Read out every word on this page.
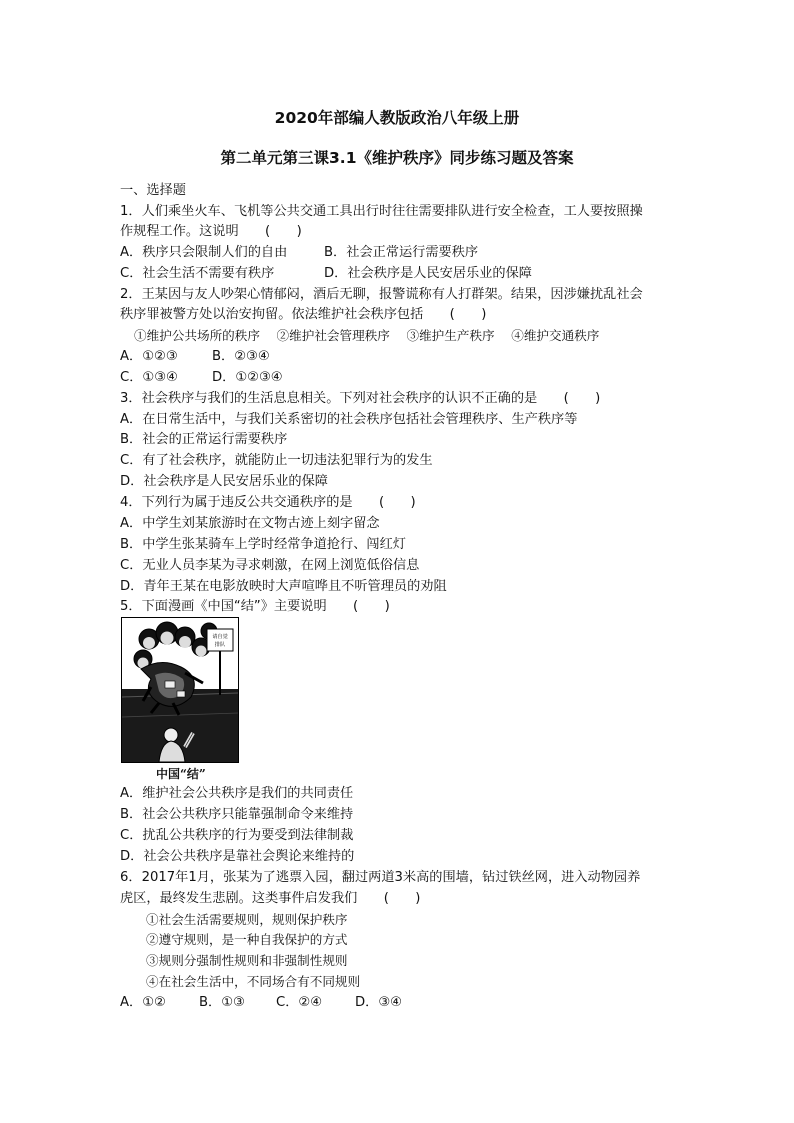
2020年部编人教版政治八年级上册
第二单元第三课3.1《维护秩序》同步练习题及答案
一、选择题
1．人们乘坐火车、飞机等公共交通工具出行时往往需要排队进行安全检查，工人要按照操
作规程工作。这说明　　(　　)
A．秩序只会限制人们的自由	B．社会正常运行需要秩序
C．社会生活不需要有秩序	D．社会秩序是人民安居乐业的保障
2．王某因与友人吵架心情郁闷，酒后无聊，报警谎称有人打群架。结果，因涉嫌扰乱社会
秩序罪被警方处以治安拘留。依法维护社会秩序包括　　(　　)
①维护公共场所的秩序　 ②维护社会管理秩序　 ③维护生产秩序　 ④维护交通秩序
A．①②③	B．②③④
C．①③④	D．①②③④
3．社会秩序与我们的生活息息相关。下列对社会秩序的认识不正确的是　　(　　)
A．在日常生活中，与我们关系密切的社会秩序包括社会管理秩序、生产秩序等
B．社会的正常运行需要秩序
C．有了社会秩序，就能防止一切违法犯罪行为的发生
D．社会秩序是人民安居乐业的保障
4．下列行为属于违反公共交通秩序的是　　(　　)
A．中学生刘某旅游时在文物古迹上刻字留念
B．中学生张某骑车上学时经常争道抢行、闯红灯
C．无业人员李某为寻求刺激，在网上浏览低俗信息
D．青年王某在电影放映时大声喧哗且不听管理员的劝阻
5．下面漫画《中国“结”》主要说明　　(　　)
请自觉
排队
中国“结”
A．维护社会公共秩序是我们的共同责任
B．社会公共秩序只能靠强制命令来维持
C．扰乱公共秩序的行为要受到法律制裁
D．社会公共秩序是靠社会舆论来维持的
6．2017年1月，张某为了逃票入园，翻过两道3米高的围墙，钻过铁丝网，进入动物园养
虎区，最终发生悲剧。这类事件启发我们　　(　　)
①社会生活需要规则，规则保护秩序
②遵守规则，是一种自我保护的方式
③规则分强制性规则和非强制性规则
④在社会生活中，不同场合有不同规则
A．①②	B．①③ C．②④ D．③④
